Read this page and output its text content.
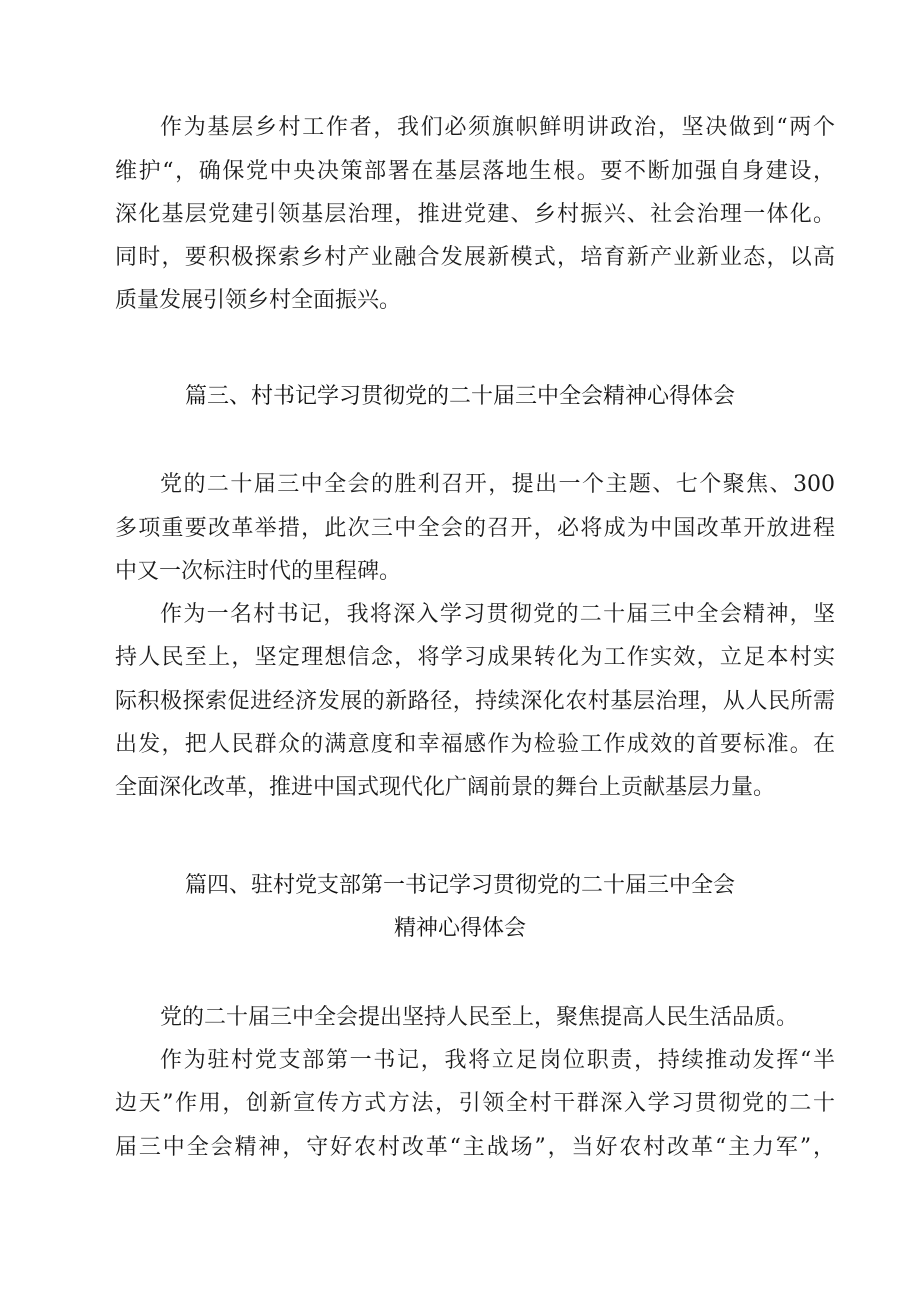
作为基层乡村工作者，我们必须旗帜鲜明讲政治，坚决做到“两个
维护“，确保党中央决策部署在基层落地生根。要不断加强自身建设，
深化基层党建引领基层治理，推进党建、乡村振兴、社会治理一体化。
同时，要积极探索乡村产业融合发展新模式，培育新产业新业态，以高
质量发展引领乡村全面振兴。
篇三、村书记学习贯彻党的二十届三中全会精神心得体会
党的二十届三中全会的胜利召开，提出一个主题、七个聚焦、300
多项重要改革举措，此次三中全会的召开，必将成为中国改革开放进程
中又一次标注时代的里程碑。
作为一名村书记，我将深入学习贯彻党的二十届三中全会精神，坚
持人民至上，坚定理想信念，将学习成果转化为工作实效，立足本村实
际积极探索促进经济发展的新路径，持续深化农村基层治理，从人民所需
出发，把人民群众的满意度和幸福感作为检验工作成效的首要标准。在
全面深化改革，推进中国式现代化广阔前景的舞台上贡献基层力量。
篇四、驻村党支部第一书记学习贯彻党的二十届三中全会
精神心得体会
党的二十届三中全会提出坚持人民至上，聚焦提高人民生活品质。
作为驻村党支部第一书记，我将立足岗位职责，持续推动发挥“半
边天”作用，创新宣传方式方法，引领全村干群深入学习贯彻党的二十
届三中全会精神，守好农村改革“主战场”，当好农村改革“主力军”，
